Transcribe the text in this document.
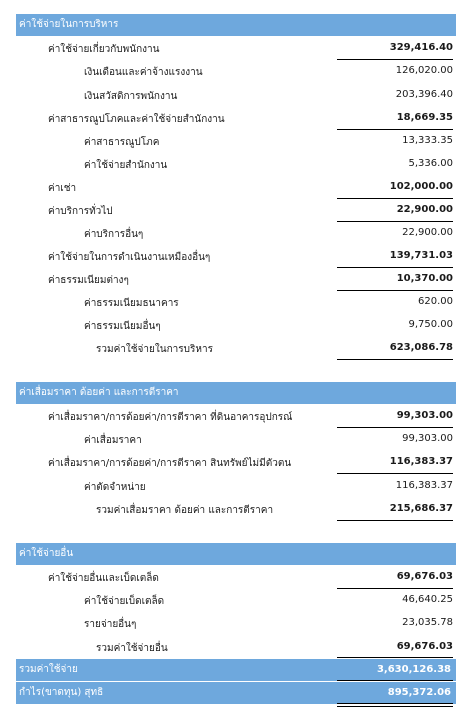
ค่าใช้จ่ายในการบริหาร
ค่าใช้จ่ายเกี่ยวกับพนักงาน	329,416.40
เงินเดือนและค่าจ้างแรงงาน	126,020.00
เงินสวัสดิการพนักงาน	203,396.40
ค่าสาธารณูปโภคและค่าใช้จ่ายสำนักงาน	18,669.35
ค่าสาธารณูปโภค	13,333.35
ค่าใช้จ่ายสำนักงาน	5,336.00
ค่าเช่า	102,000.00
ค่าบริการทั่วไป	22,900.00
ค่าบริการอื่นๆ	22,900.00
ค่าใช้จ่ายในการดำเนินงานเหมืองอื่นๆ	139,731.03
ค่าธรรมเนียมต่างๆ	10,370.00
ค่าธรรมเนียมธนาคาร	620.00
ค่าธรรมเนียมอื่นๆ	9,750.00
รวมค่าใช้จ่ายในการบริหาร	623,086.78
ค่าเสื่อมราคา ด้อยค่า และการตีราคา
ค่าเสื่อมราคา/การด้อยค่า/การตีราคา ที่ดินอาคารอุปกรณ์	99,303.00
ค่าเสื่อมราคา	99,303.00
ค่าเสื่อมราคา/การด้อยค่า/การตีราคา สินทรัพย์ไม่มีตัวตน	116,383.37
ค่าตัดจำหน่าย	116,383.37
รวมค่าเสื่อมราคา ด้อยค่า และการตีราคา	215,686.37
ค่าใช้จ่ายอื่น
ค่าใช้จ่ายอื่นและเบ็ดเตล็ด	69,676.03
ค่าใช้จ่ายเบ็ดเตล็ด	46,640.25
รายจ่ายอื่นๆ	23,035.78
รวมค่าใช้จ่ายอื่น	69,676.03
รวมค่าใช้จ่าย	3,630,126.38
กำไร(ขาดทุน) สุทธิ	895,372.06
